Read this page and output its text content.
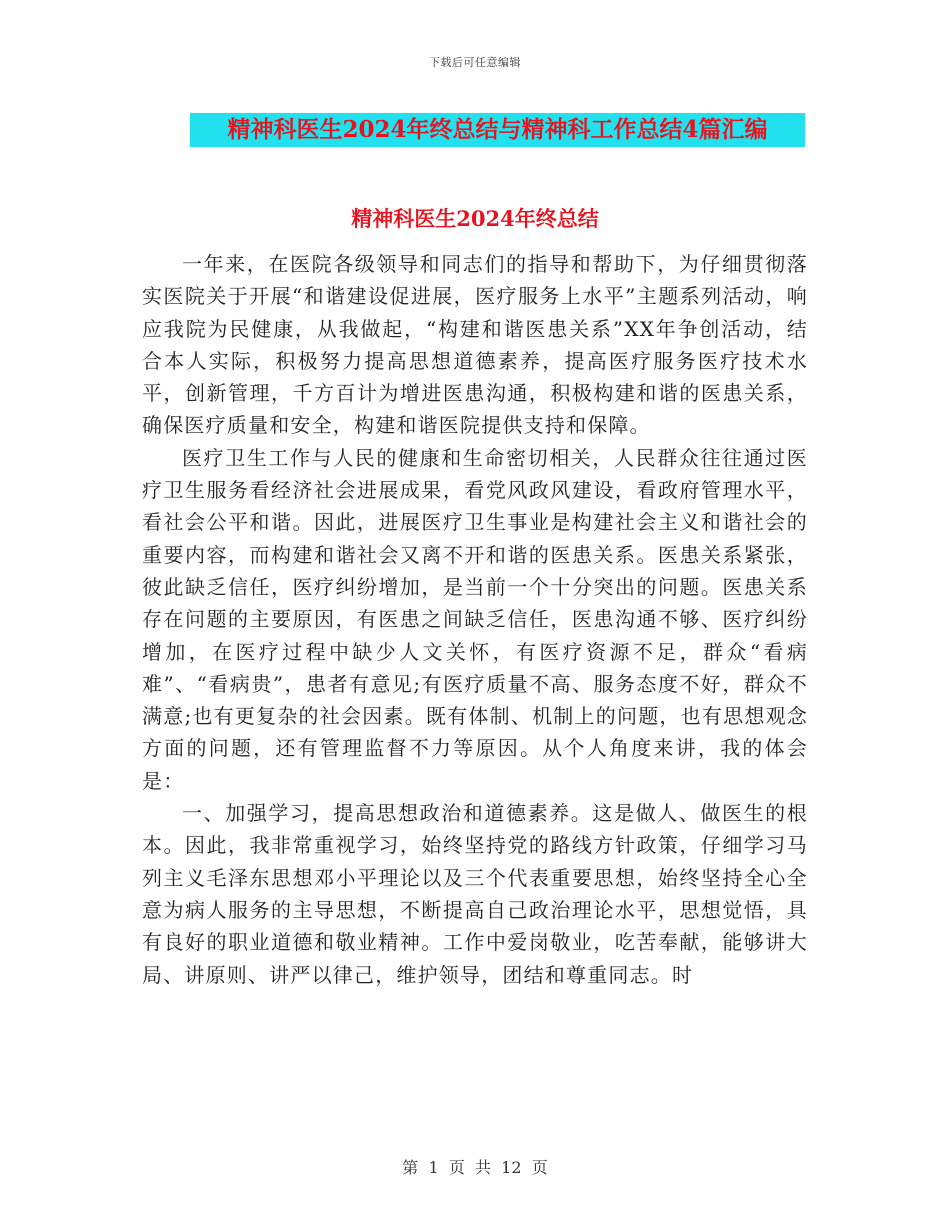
下载后可任意编辑
精神科医生2024年终总结与精神科工作总结4篇汇编
精神科医生2024年终总结

一年来，在医院各级领导和同志们的指导和帮助下，为仔细贯彻落实医院关于开展“和谐建设促进展，医疗服务上水平”主题系列活动，响应我院为民健康，从我做起，“构建和谐医患关系”XX年争创活动，结合本人实际，积极努力提高思想道德素养，提高医疗服务医疗技术水平，创新管理，千方百计为增进医患沟通，积极构建和谐的医患关系，确保医疗质量和安全，构建和谐医院提供支持和保障。

医疗卫生工作与人民的健康和生命密切相关，人民群众往往通过医疗卫生服务看经济社会进展成果，看党风政风建设，看政府管理水平，看社会公平和谐。因此，进展医疗卫生事业是构建社会主义和谐社会的重要内容，而构建和谐社会又离不开和谐的医患关系。医患关系紧张，彼此缺乏信任，医疗纠纷增加，是当前一个十分突出的问题。医患关系存在问题的主要原因，有医患之间缺乏信任，医患沟通不够、医疗纠纷增加，在医疗过程中缺少人文关怀，有医疗资源不足，群众“看病难”、“看病贵”，患者有意见;有医疗质量不高、服务态度不好，群众不满意;也有更复杂的社会因素。既有体制、机制上的问题，也有思想观念方面的问题，还有管理监督不力等原因。从个人角度来讲，我的体会是：

一、加强学习，提高思想政治和道德素养。这是做人、做医生的根本。因此，我非常重视学习，始终坚持党的路线方针政策，仔细学习马列主义毛泽东思想邓小平理论以及三个代表重要思想，始终坚持全心全意为病人服务的主导思想，不断提高自己政治理论水平，思想觉悟，具有良好的职业道德和敬业精神。工作中爱岗敬业，吃苦奉献，能够讲大局、讲原则、讲严以律己，维护领导，团结和尊重同志。时

第  1  页  共  12  页
